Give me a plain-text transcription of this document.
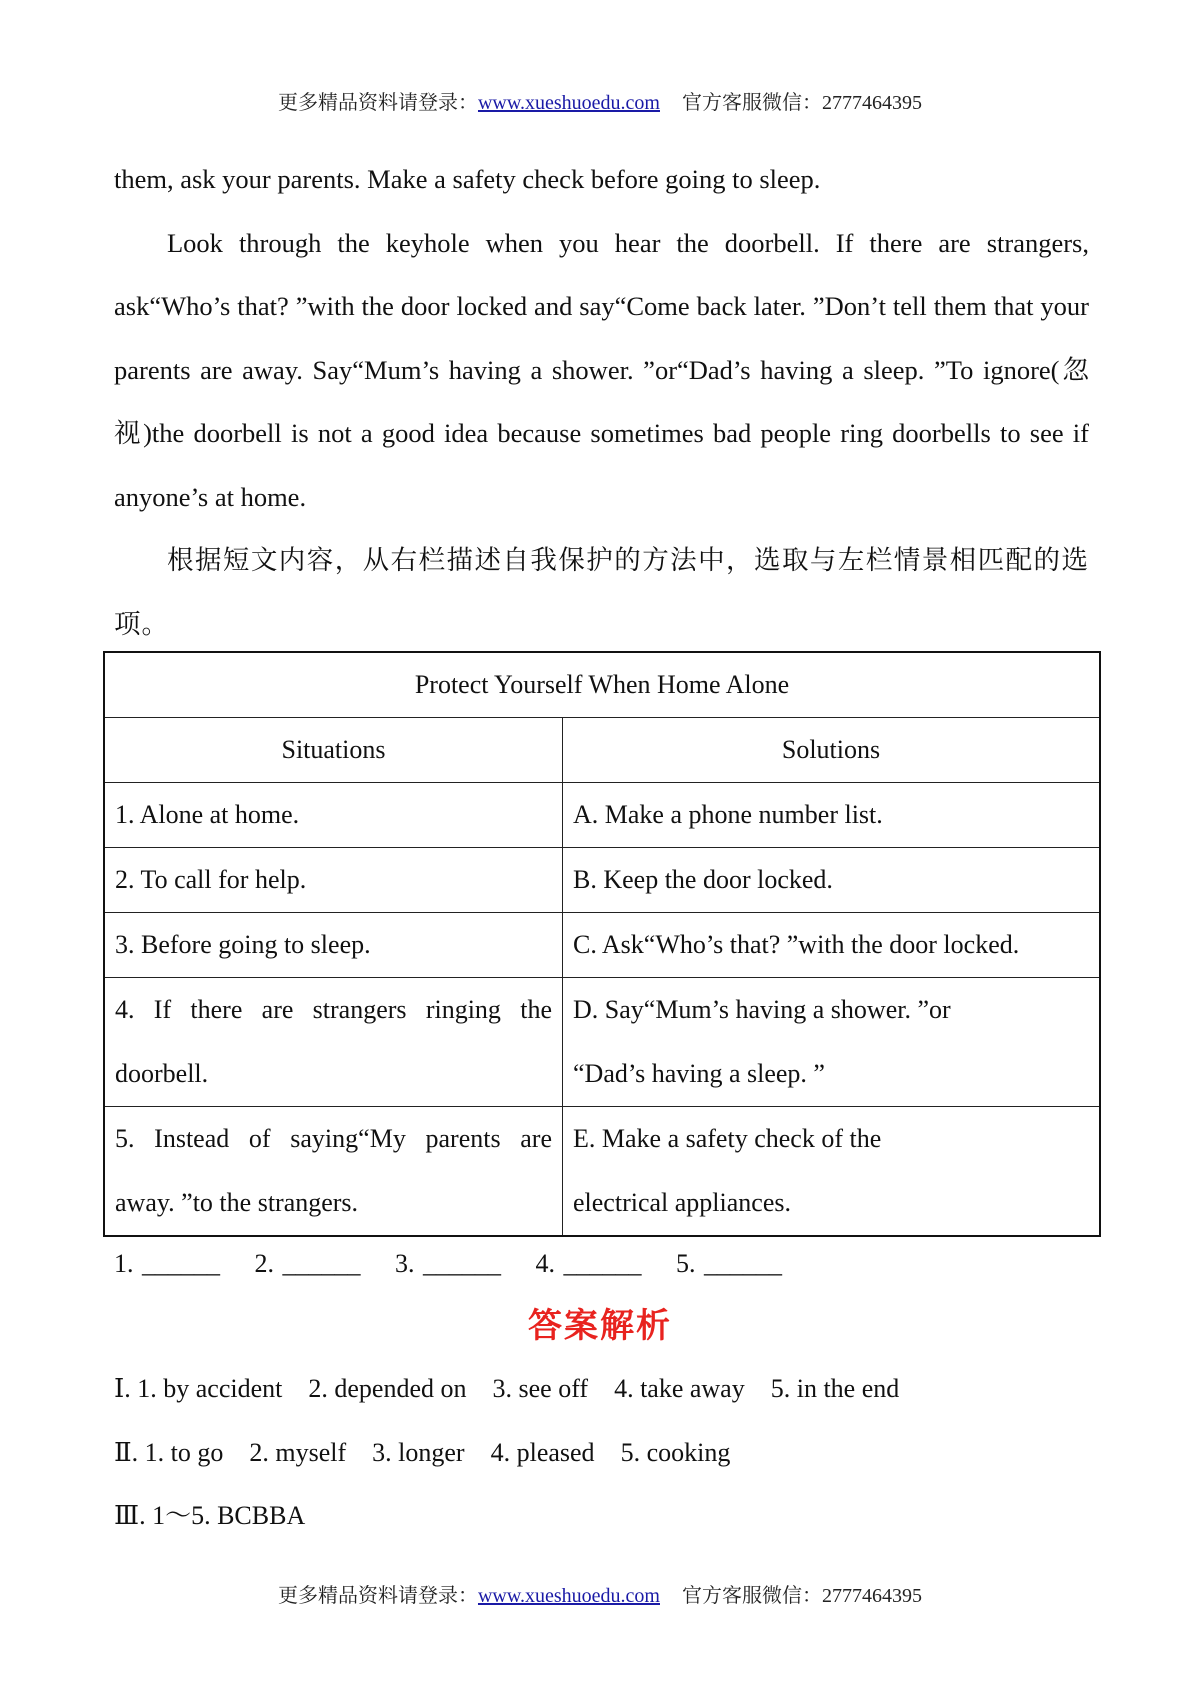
更多精品资料请登录：www.xueshuoedu.com 官方客服微信：2777464395

them, ask your parents. Make a safety check before going to sleep.

Look through the keyhole when you hear the doorbell. If there are strangers, ask“Who’s that? ”with the door locked and say“Come back later. ”Don’t tell them that your parents are away. Say“Mum’s having a shower. ”or“Dad’s having a sleep. ”To ignore(忽视)the doorbell is not a good idea because sometimes bad people ring doorbells to see if anyone’s at home.

根据短文内容，从右栏描述自我保护的方法中，选取与左栏情景相匹配的选项。

Protect Yourself When Home Alone	
Situations	Solutions
1. Alone at home.	A. Make a phone number list.
2. To call for help.	B. Keep the door locked.
3. Before going to sleep.	C. Ask“Who’s that? ”with the door locked.
4. If there are strangers ringing the doorbell.	D. Say“Mum’s having a shower. ”or
“Dad’s having a sleep. ”

5. Instead of saying“My parents are away. ”to the strangers.	E. Make a safety check of the
electrical appliances.
1. ______ 2. ______ 3. ______ 4. ______ 5. ______
答案解析
Ⅰ. 1. by accident 2. depended on 3. see off 4. take away 5. in the end
Ⅱ. 1. to go 2. myself 3. longer 4. pleased 5. cooking
Ⅲ. 1～5. BCBBA
更多精品资料请登录：www.xueshuoedu.com 官方客服微信：2777464395
